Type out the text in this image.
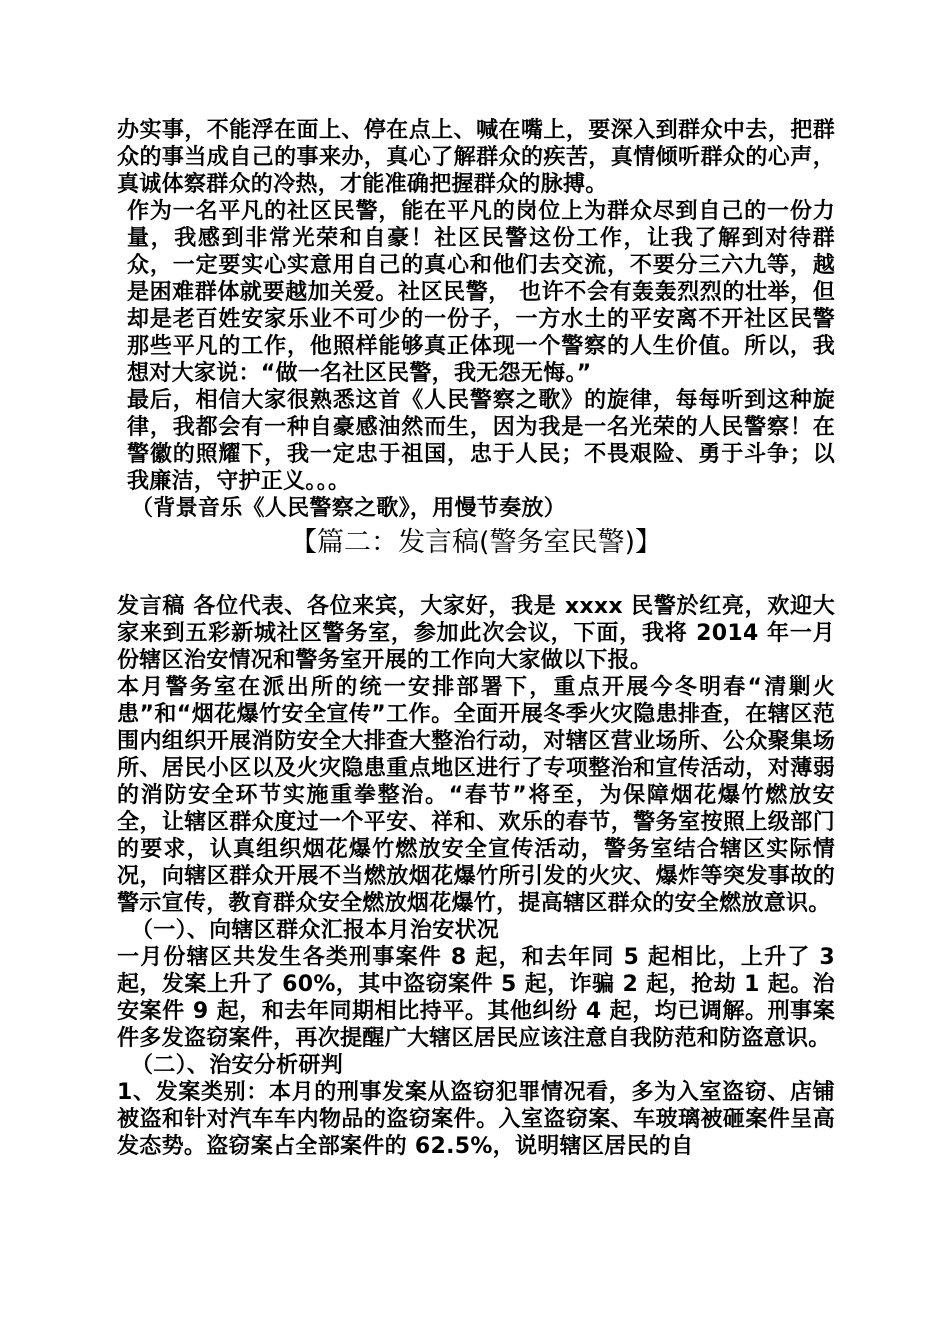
办实事，不能浮在面上、停在点上、喊在嘴上，要深入到群众中去，把群众的事当成自己的事来办，真心了解群众的疾苦，真情倾听群众的心声，真诚体察群众的冷热，才能准确把握群众的脉搏。

作为一名平凡的社区民警，能在平凡的岗位上为群众尽到自己的一份力量，我感到非常光荣和自豪！社区民警这份工作，让我了解到对待群众，一定要实心实意用自己的真心和他们去交流，不要分三六九等，越是困难群体就要越加关爱。社区民警， 也许不会有轰轰烈烈的壮举，但却是老百姓安家乐业不可少的一份子，一方水土的平安离不开社区民警那些平凡的工作，他照样能够真正体现一个警察的人生价值。所以，我想对大家说：“做一名社区民警，我无怨无悔。”

最后，相信大家很熟悉这首《人民警察之歌》的旋律，每每听到这种旋律，我都会有一种自豪感油然而生，因为我是一名光荣的人民警察！在警徽的照耀下，我一定忠于祖国，忠于人民；不畏艰险、勇于斗争；以我廉洁，守护正义。。。

（背景音乐《人民警察之歌》，用慢节奏放）

【篇二：发言稿(警务室民警)】

发言稿 各位代表、各位来宾，大家好，我是 xxxx 民警於红亮，欢迎大家来到五彩新城社区警务室，参加此次会议，下面，我将 2014 年一月份辖区治安情况和警务室开展的工作向大家做以下报。

本月警务室在派出所的统一安排部署下，重点开展今冬明春“清剿火患”和“烟花爆竹安全宣传”工作。全面开展冬季火灾隐患排查，在辖区范围内组织开展消防安全大排查大整治行动，对辖区营业场所、公众聚集场所、居民小区以及火灾隐患重点地区进行了专项整治和宣传活动，对薄弱的消防安全环节实施重拳整治。“春节”将至，为保障烟花爆竹燃放安全，让辖区群众度过一个平安、祥和、欢乐的春节，警务室按照上级部门的要求，认真组织烟花爆竹燃放安全宣传活动，警务室结合辖区实际情况，向辖区群众开展不当燃放烟花爆竹所引发的火灾、爆炸等突发事故的警示宣传，教育群众安全燃放烟花爆竹，提高辖区群众的安全燃放意识。

（一）、向辖区群众汇报本月治安状况

一月份辖区共发生各类刑事案件 8 起，和去年同 5 起相比，上升了 3 起，发案上升了 60%，其中盗窃案件 5 起，诈骗 2 起，抢劫 1 起。治安案件 9 起，和去年同期相比持平。其他纠纷 4 起，均已调解。刑事案件多发盗窃案件，再次提醒广大辖区居民应该注意自我防范和防盗意识。

（二）、治安分析研判

1、发案类别：本月的刑事发案从盗窃犯罪情况看，多为入室盗窃、店铺被盗和针对汽车车内物品的盗窃案件。入室盗窃案、车玻璃被砸案件呈高发态势。盗窃案占全部案件的 62.5%，说明辖区居民的自
